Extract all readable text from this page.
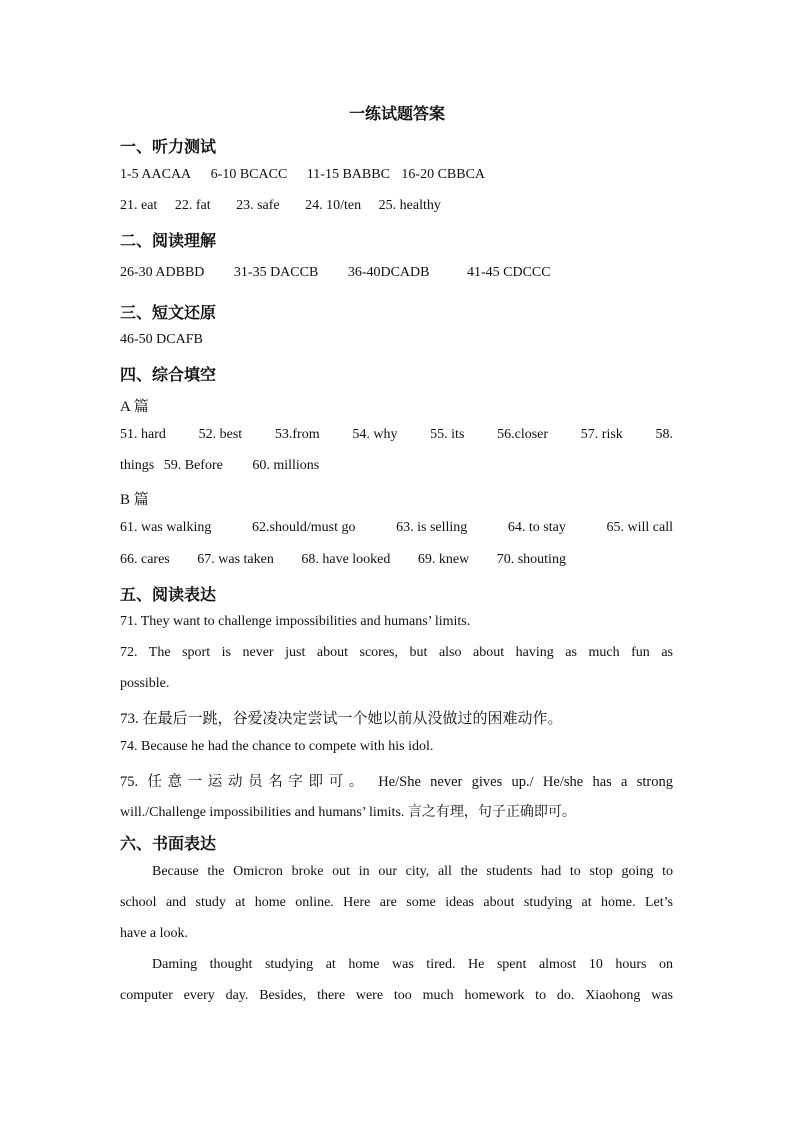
一练试题答案
一、听力测试
1-5 AACAA 6-10 BCACC 11-15 BABBC 16-20 CBBCA
21. eat 22. fat 23. safe 24. 10/ten 25. healthy
二、阅读理解
26-30 ADBBD 31-35 DACCB 36-40DCADB	41-45 CDCCC
三、短文还原
46-50 DCAFB
四、综合填空
A 篇
51. hard 52. best 53.from 54. why 55. its 56.closer 57. risk 58.
things 59. Before 60. millions
B 篇
61. was walking	62.should/must go	63. is selling	64. to stay	65. will call
66. cares 67. was taken 68. have looked 69. knew 70. shouting
五、阅读表达
71. They want to challenge impossibilities and humans’ limits.
72. The sport is never just about scores, but also about having as much fun as
possible.
73. 在最后一跳，谷爱凌决定尝试一个她以前从没做过的困难动作。
74. Because he had the chance to compete with his idol.
75. 任意一运动员名字即可。 He/She never gives up./ He/she has a strong
will./Challenge impossibilities and humans’ limits. 言之有理，句子正确即可。
六、书面表达
Because the Omicron broke out in our city, all the students had to stop going to
school and study at home online. Here are some ideas about studying at home. Let’s
have a look.
Daming thought studying at home was tired. He spent almost 10 hours on
computer every day. Besides, there were too much homework to do. Xiaohong was
